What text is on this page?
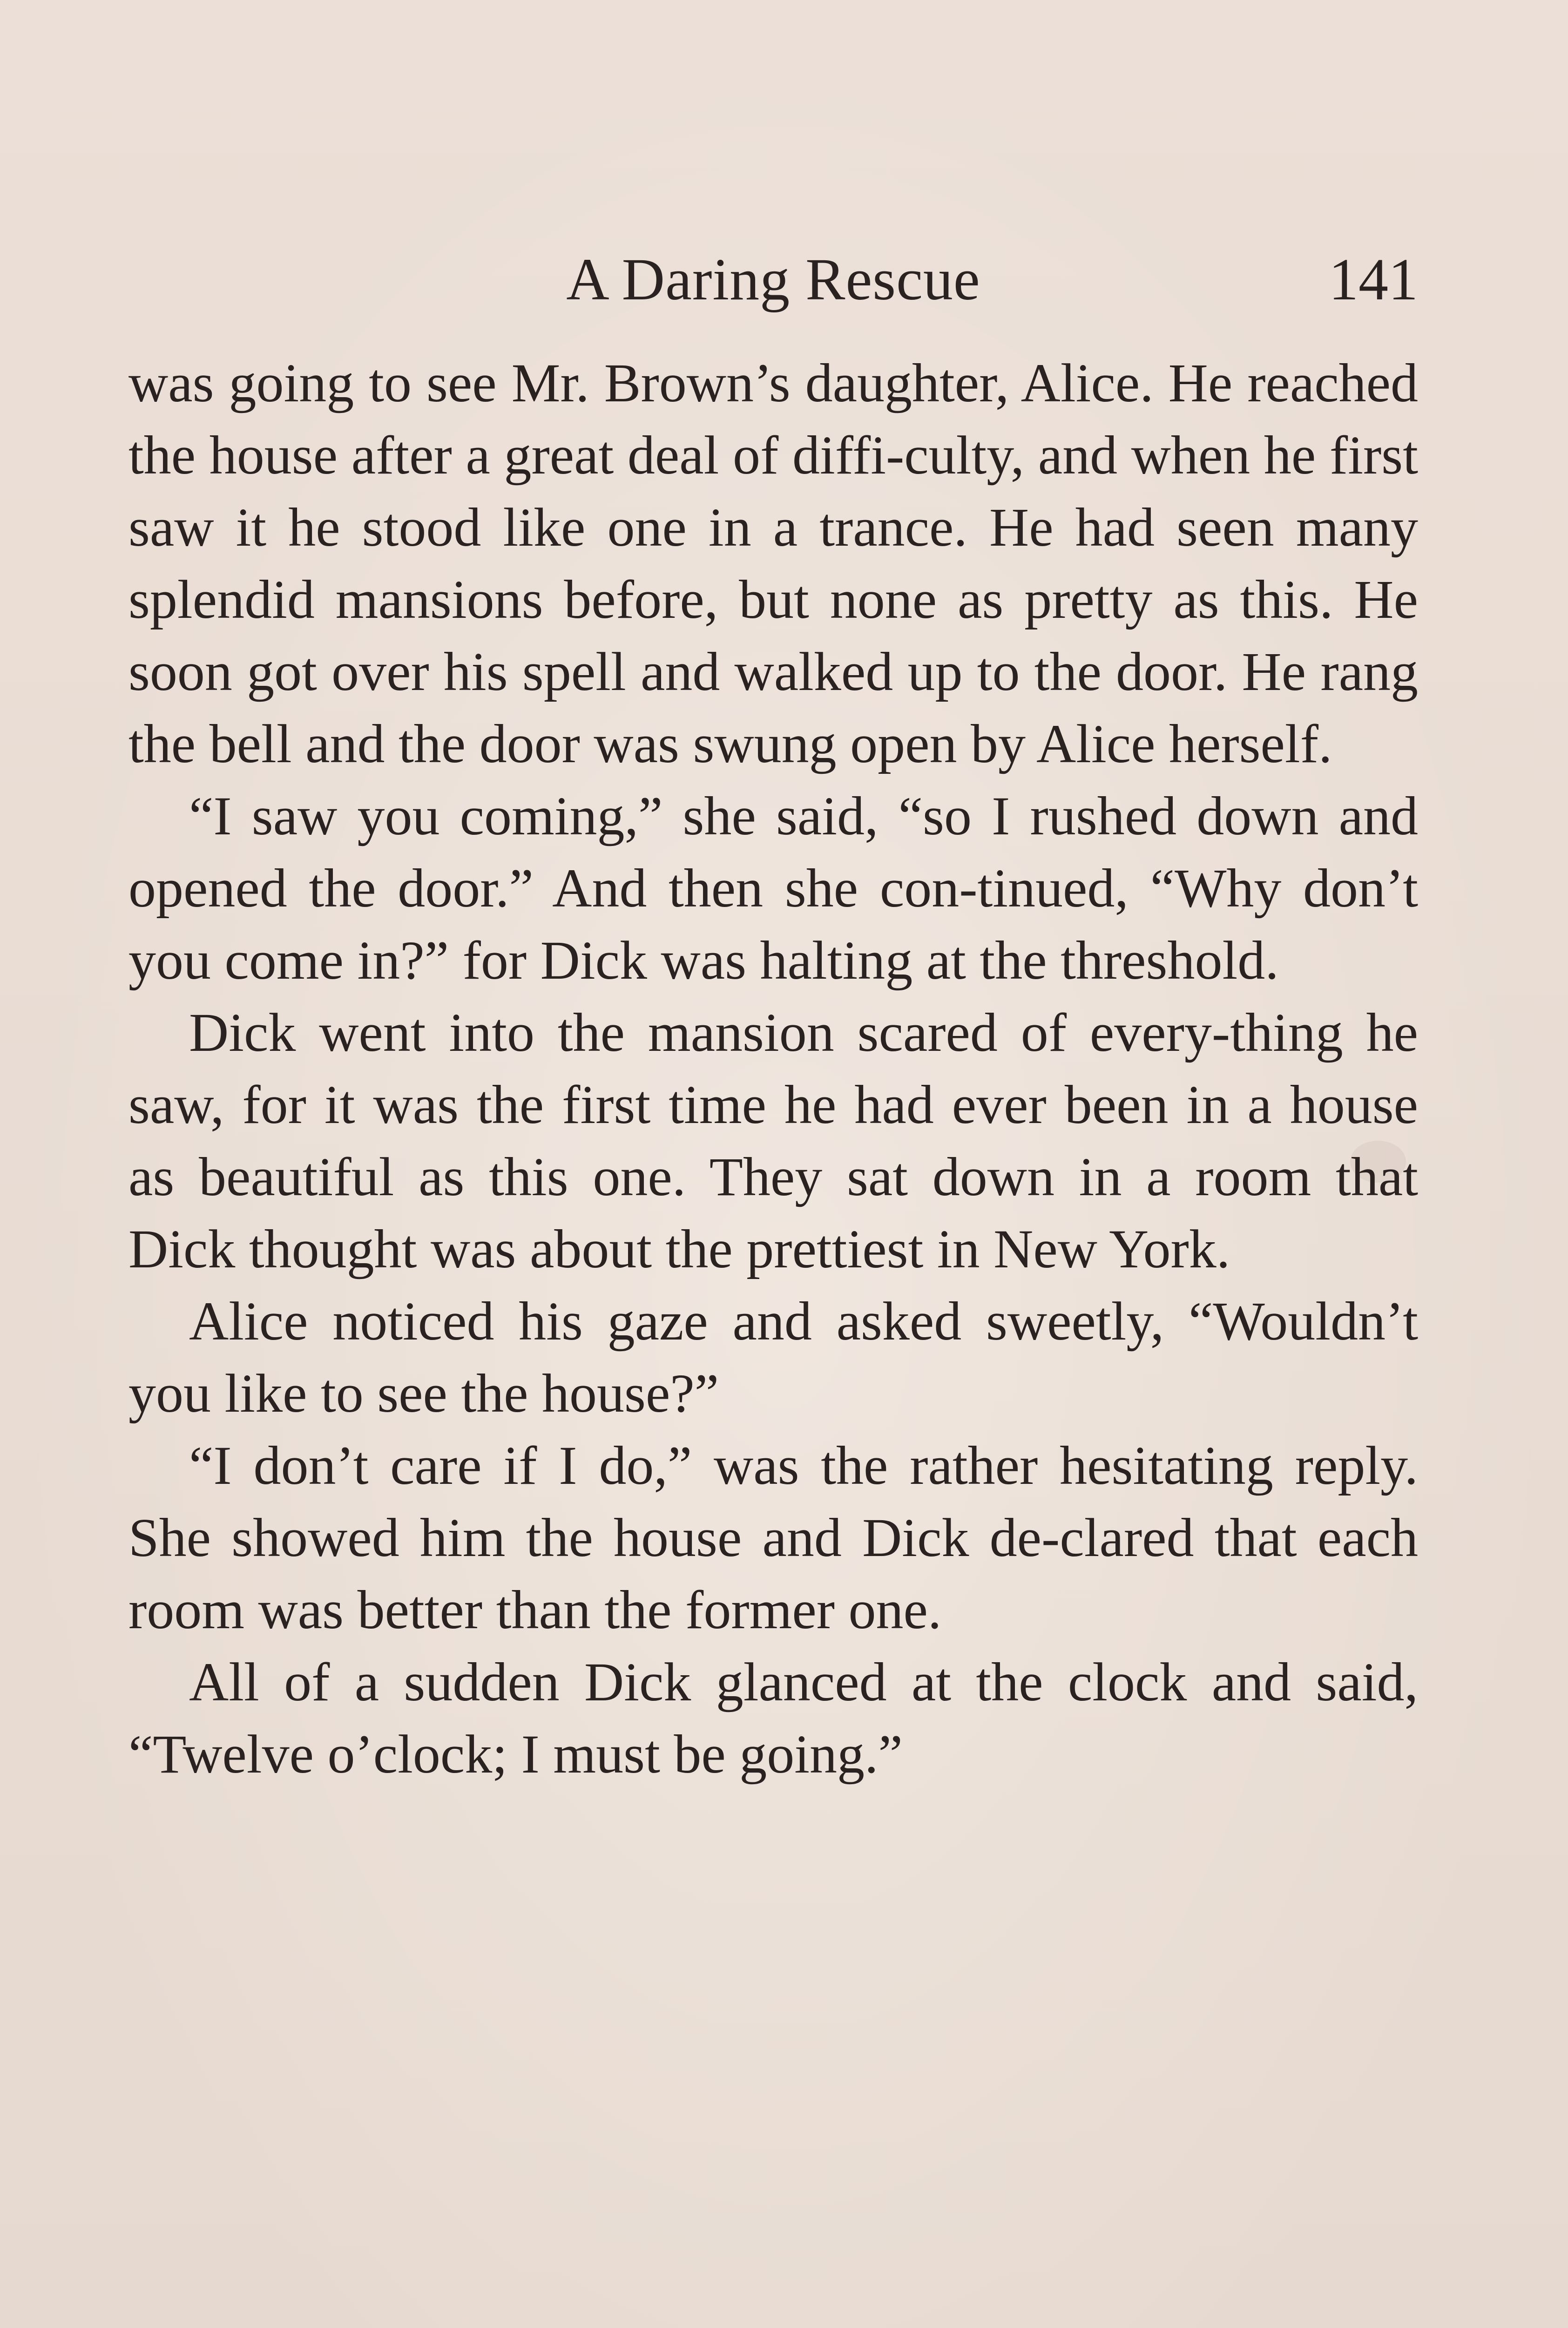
A Daring Rescue	141

was going to see Mr. Brown’s daughter, Alice. He reached the house after a great deal of diffi-culty, and when he first saw it he stood like one in a trance. He had seen many splendid mansions before, but none as pretty as this. He soon got over his spell and walked up to the door. He rang the bell and the door was swung open by Alice herself.

“I saw you coming,” she said, “so I rushed down and opened the door.” And then she con-tinued, “Why don’t you come in?” for Dick was halting at the threshold.

Dick went into the mansion scared of every-thing he saw, for it was the first time he had ever been in a house as beautiful as this one. They sat down in a room that Dick thought was about the prettiest in New York.

Alice noticed his gaze and asked sweetly, “Wouldn’t you like to see the house?”

“I don’t care if I do,” was the rather hesitating reply. She showed him the house and Dick de-clared that each room was better than the former one.

All of a sudden Dick glanced at the clock and said, “Twelve o’clock; I must be going.”
